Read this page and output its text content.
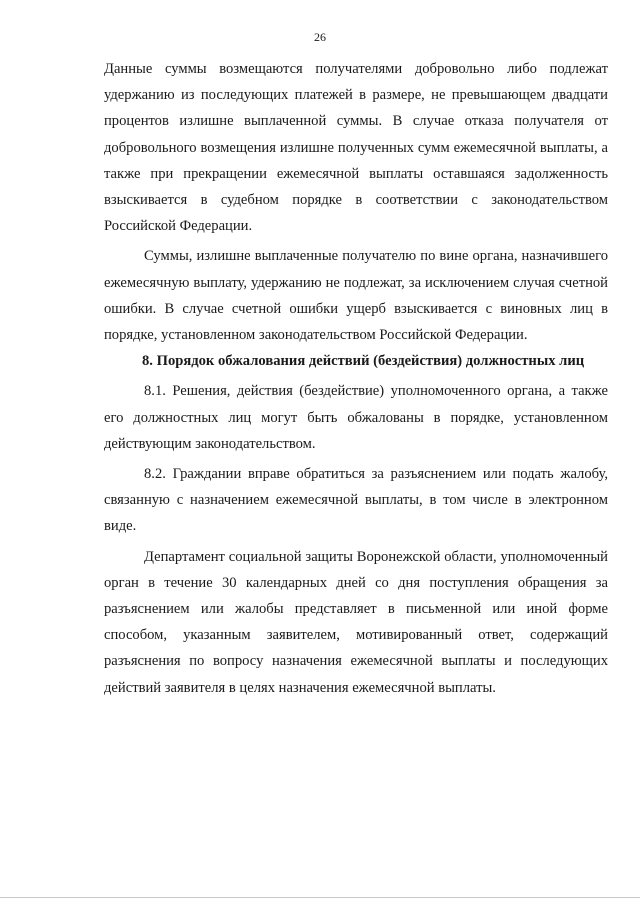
26

Данные суммы возмещаются получателями добровольно либо подлежат удержанию из последующих платежей в размере, не превышающем двадцати процентов излишне выплаченной суммы. В случае отказа получателя от добровольного возмещения излишне полученных сумм ежемесячной выплаты, а также при прекращении ежемесячной выплаты оставшаяся задолженность взыскивается в судебном порядке в соответствии с законодательством Российской Федерации.

Суммы, излишне выплаченные получателю по вине органа, назначившего ежемесячную выплату, удержанию не подлежат, за исключением случая счетной ошибки. В случае счетной ошибки ущерб взыскивается с виновных лиц в порядке, установленном законодательством Российской Федерации.

8. Порядок обжалования действий (бездействия) должностных лиц

8.1. Решения, действия (бездействие) уполномоченного органа, а также его должностных лиц могут быть обжалованы в порядке, установленном действующим законодательством.

8.2. Граждании вправе обратиться за разъяснением или подать жалобу, связанную с назначением ежемесячной выплаты, в том числе в электронном виде.

Департамент социальной защиты Воронежской области, уполномоченный орган в течение 30 календарных дней со дня поступления обращения за разъяснением или жалобы представляет в письменной или иной форме способом, указанным заявителем, мотивированный ответ, содержащий разъяснения по вопросу назначения ежемесячной выплаты и последующих действий заявителя в целях назначения ежемесячной выплаты.
